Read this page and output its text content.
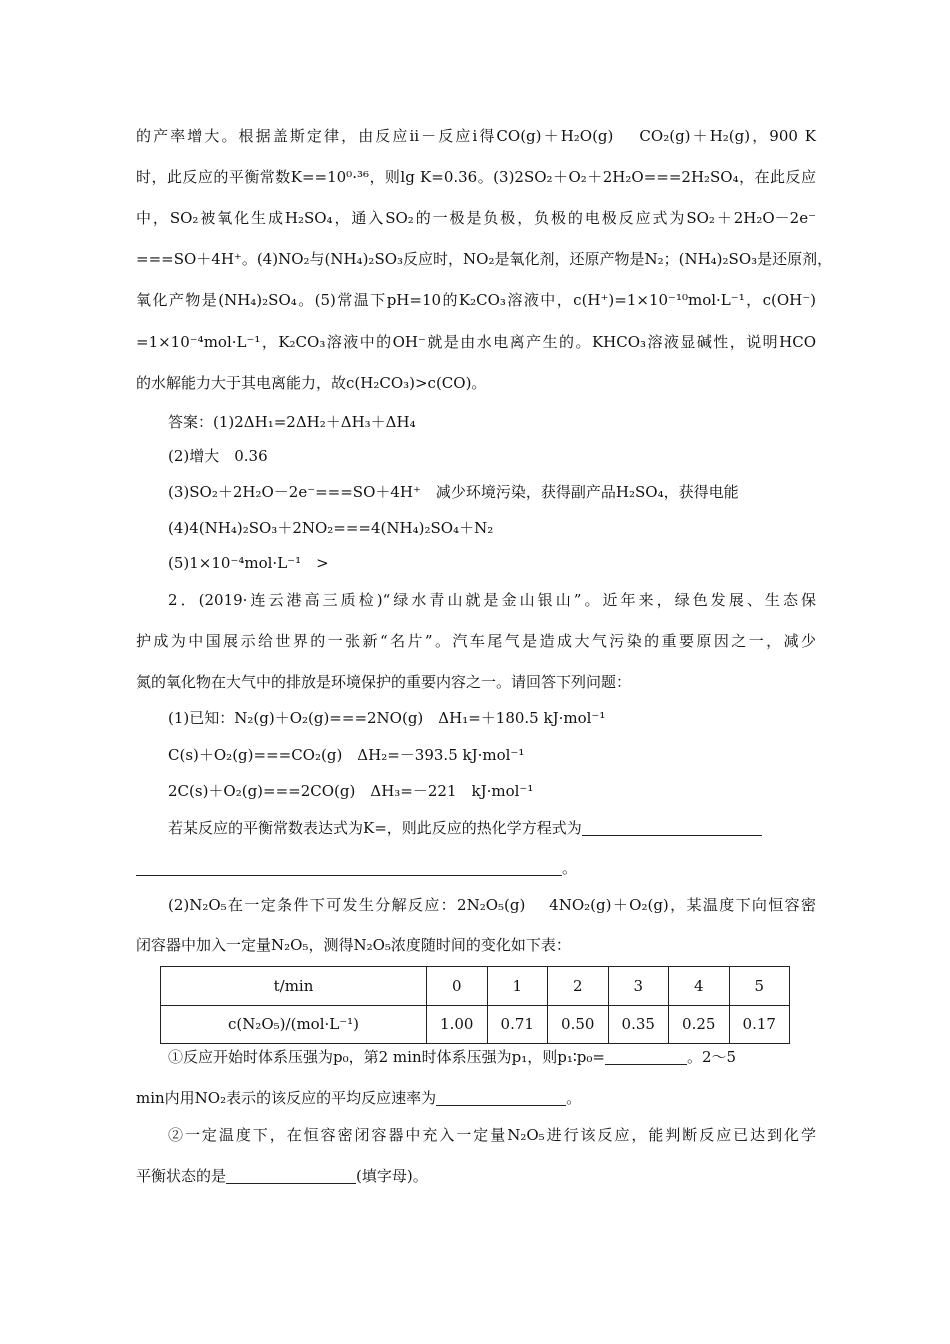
的产率增大。根据盖斯定律，由反应ⅱ－反应ⅰ得CO(g)＋H₂O(g)　 CO₂(g)＋H₂(g)，900 K
时，此反应的平衡常数K==10⁰·³⁶，则lg K=0.36。(3)2SO₂＋O₂＋2H₂O===2H₂SO₄，在此反应
中，SO₂被氧化生成H₂SO₄，通入SO₂的一极是负极，负极的电极反应式为SO₂＋2H₂O－2e⁻
===SO＋4H⁺。(4)NO₂与(NH₄)₂SO₃反应时，NO₂是氧化剂，还原产物是N₂；(NH₄)₂SO₃是还原剂，
氧化产物是(NH₄)₂SO₄。(5)常温下pH=10的K₂CO₃溶液中，c(H⁺)=1×10⁻¹⁰mol·L⁻¹，c(OH⁻)
=1×10⁻⁴mol·L⁻¹，K₂CO₃溶液中的OH⁻就是由水电离产生的。KHCO₃溶液显碱性，说明HCO
的水解能力大于其电离能力，故c(H₂CO₃)>c(CO)。
答案：(1)2ΔH₁=2ΔH₂＋ΔH₃＋ΔH₄
(2)增大　0.36
(3)SO₂＋2H₂O－2e⁻===SO＋4H⁺　减少环境污染，获得副产品H₂SO₄，获得电能
(4)4(NH₄)₂SO₃＋2NO₂===4(NH₄)₂SO₄＋N₂
(5)1×10⁻⁴mol·L⁻¹　>
2．(2019·连云港高三质检)“绿水青山就是金山银山”。近年来，绿色发展、生态保
护成为中国展示给世界的一张新“名片”。汽车尾气是造成大气污染的重要原因之一，减少
氮的氧化物在大气中的排放是环境保护的重要内容之一。请回答下列问题：
(1)已知：N₂(g)＋O₂(g)===2NO(g)　ΔH₁=＋180.5 kJ·mol⁻¹
C(s)＋O₂(g)===CO₂(g)　ΔH₂=－393.5 kJ·mol⁻¹
2C(s)＋O₂(g)===2CO(g)　ΔH₃=－221　kJ·mol⁻¹
若某反应的平衡常数表达式为K=，则此反应的热化学方程式为
。
(2)N₂O₅在一定条件下可发生分解反应：2N₂O₅(g)　 4NO₂(g)＋O₂(g)，某温度下向恒容密
闭容器中加入一定量N₂O₅，测得N₂O₅浓度随时间的变化如下表：
t/min	0	1	2	3	4	5
c(N₂O₅)/(mol·L⁻¹)	1.00	0.71	0.50	0.35	0.25	0.17
①反应开始时体系压强为p₀，第2 min时体系压强为p₁，则p₁∶p₀=	。2～5
min内用NO₂表示的该反应的平均反应速率为	。
②一定温度下，在恒容密闭容器中充入一定量N₂O₅进行该反应，能判断反应已达到化学
平衡状态的是	(填字母)。
